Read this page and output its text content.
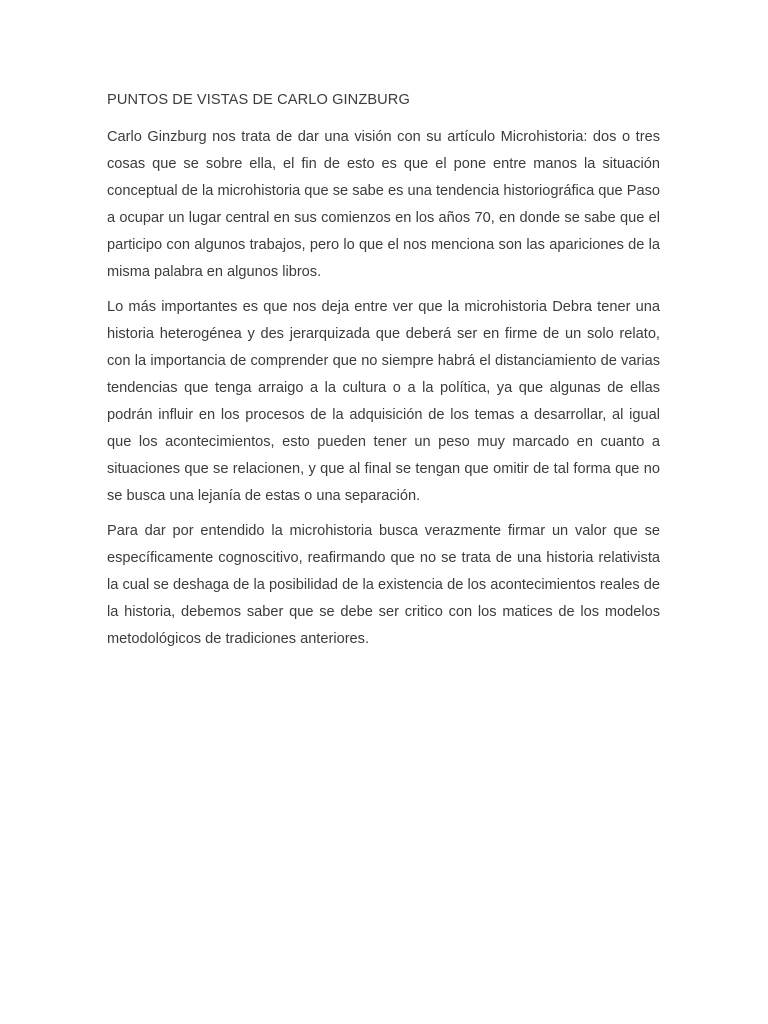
PUNTOS DE VISTAS DE CARLO GINZBURG

Carlo Ginzburg nos trata de dar una visión con su artículo Microhistoria: dos o tres cosas que se sobre ella, el fin de esto es que el pone entre manos la situación conceptual de la microhistoria que se sabe es una tendencia historiográfica que Paso a ocupar un lugar central en sus comienzos en los años 70, en donde se sabe que el participo con algunos trabajos, pero lo que el nos menciona son las apariciones de la misma palabra en algunos libros.

Lo más importantes es que nos deja entre ver que la microhistoria Debra tener una historia heterogénea y des jerarquizada que deberá ser en firme de un solo relato, con la importancia de comprender que no siempre habrá el distanciamiento de varias tendencias que tenga arraigo a la cultura o a la política, ya que algunas de ellas podrán influir en los procesos de la adquisición de los temas a desarrollar, al igual que los acontecimientos, esto pueden tener un peso muy marcado en cuanto a situaciones que se relacionen, y que al final se tengan que omitir de tal forma que no se busca una lejanía de estas o una separación.

Para dar por entendido la microhistoria busca verazmente firmar un valor que se específicamente cognoscitivo, reafirmando que no se trata de una historia relativista la cual se deshaga de la posibilidad de la existencia de los acontecimientos reales de la historia, debemos saber que se debe ser critico con los matices de los modelos metodológicos de tradiciones anteriores.
